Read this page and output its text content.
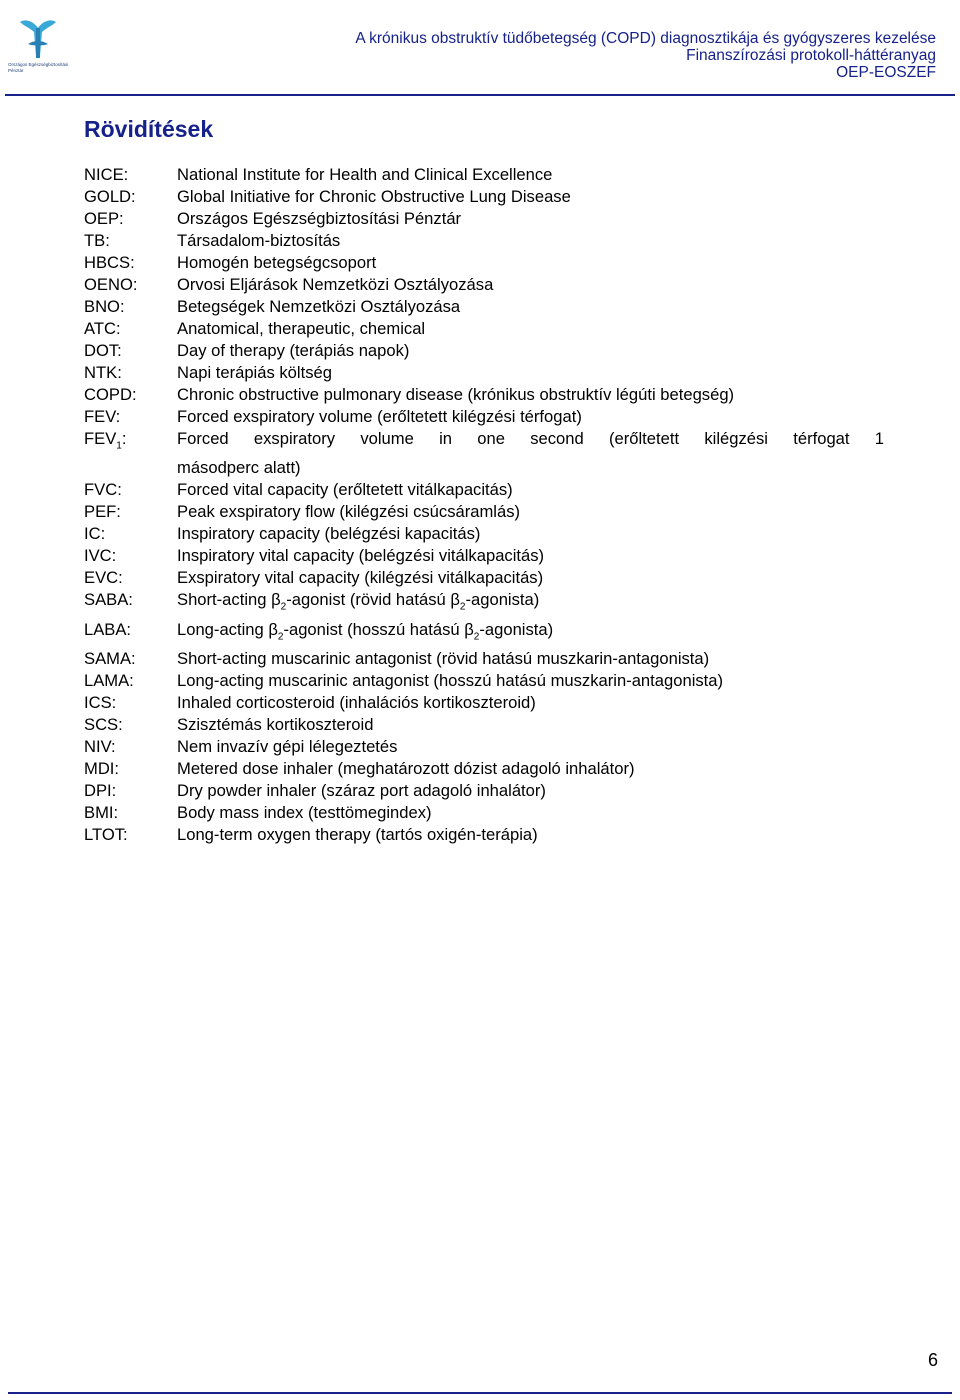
Országos Egészségbiztosítási Pénztár
A krónikus obstruktív tüdőbetegség (COPD) diagnosztikája és gyógyszeres kezelése
Finanszírozási protokoll-háttéranyag
OEP-EOSZEF
Rövidítések
NICE:	National Institute for Health and Clinical Excellence
GOLD:	Global Initiative for Chronic Obstructive Lung Disease
OEP:	Országos Egészségbiztosítási Pénztár
TB:	Társadalom-biztosítás
HBCS:	Homogén betegségcsoport
OENO:	Orvosi Eljárások Nemzetközi Osztályozása
BNO:	Betegségek Nemzetközi Osztályozása
ATC:	Anatomical, therapeutic, chemical
DOT:	Day of therapy (terápiás napok)
NTK:	Napi terápiás költség
COPD:	Chronic obstructive pulmonary disease (krónikus obstruktív légúti betegség)
FEV:	Forced exspiratory volume (erőltetett kilégzési térfogat)
$FEV_1$:	Forced exspiratory volume in one second (erőltetett kilégzési térfogat 1
másodperc alatt)
FVC:	Forced vital capacity (erőltetett vitálkapacitás)
PEF:	Peak exspiratory flow (kilégzési csúcsáramlás)
IC:	Inspiratory capacity (belégzési kapacitás)
IVC:	Inspiratory vital capacity (belégzési vitálkapacitás)
EVC:	Exspiratory vital capacity (kilégzési vitálkapacitás)
SABA:	Short-acting $\beta_2$-agonist (rövid hatású $\beta_2-agonista$)
LABA:	Long-acting $\beta_2$-agonist (hosszú hatású $\beta_2-agonista$)
SAMA:	Short-acting muscarinic antagonist (rövid hatású muszkarin-antagonista)
LAMA:	Long-acting muscarinic antagonist (hosszú hatású muszkarin-antagonista)
ICS:	Inhaled corticosteroid (inhalációs kortikoszteroid)
SCS:	Szisztémás kortikoszteroid
NIV:	Nem invazív gépi lélegeztetés
MDI:	Metered dose inhaler (meghatározott dózist adagoló inhalátor)
DPI:	Dry powder inhaler (száraz port adagoló inhalátor)
BMI:	Body mass index (testtömegindex)
LTOT:	Long-term oxygen therapy (tartós oxigén-terápia)
6
